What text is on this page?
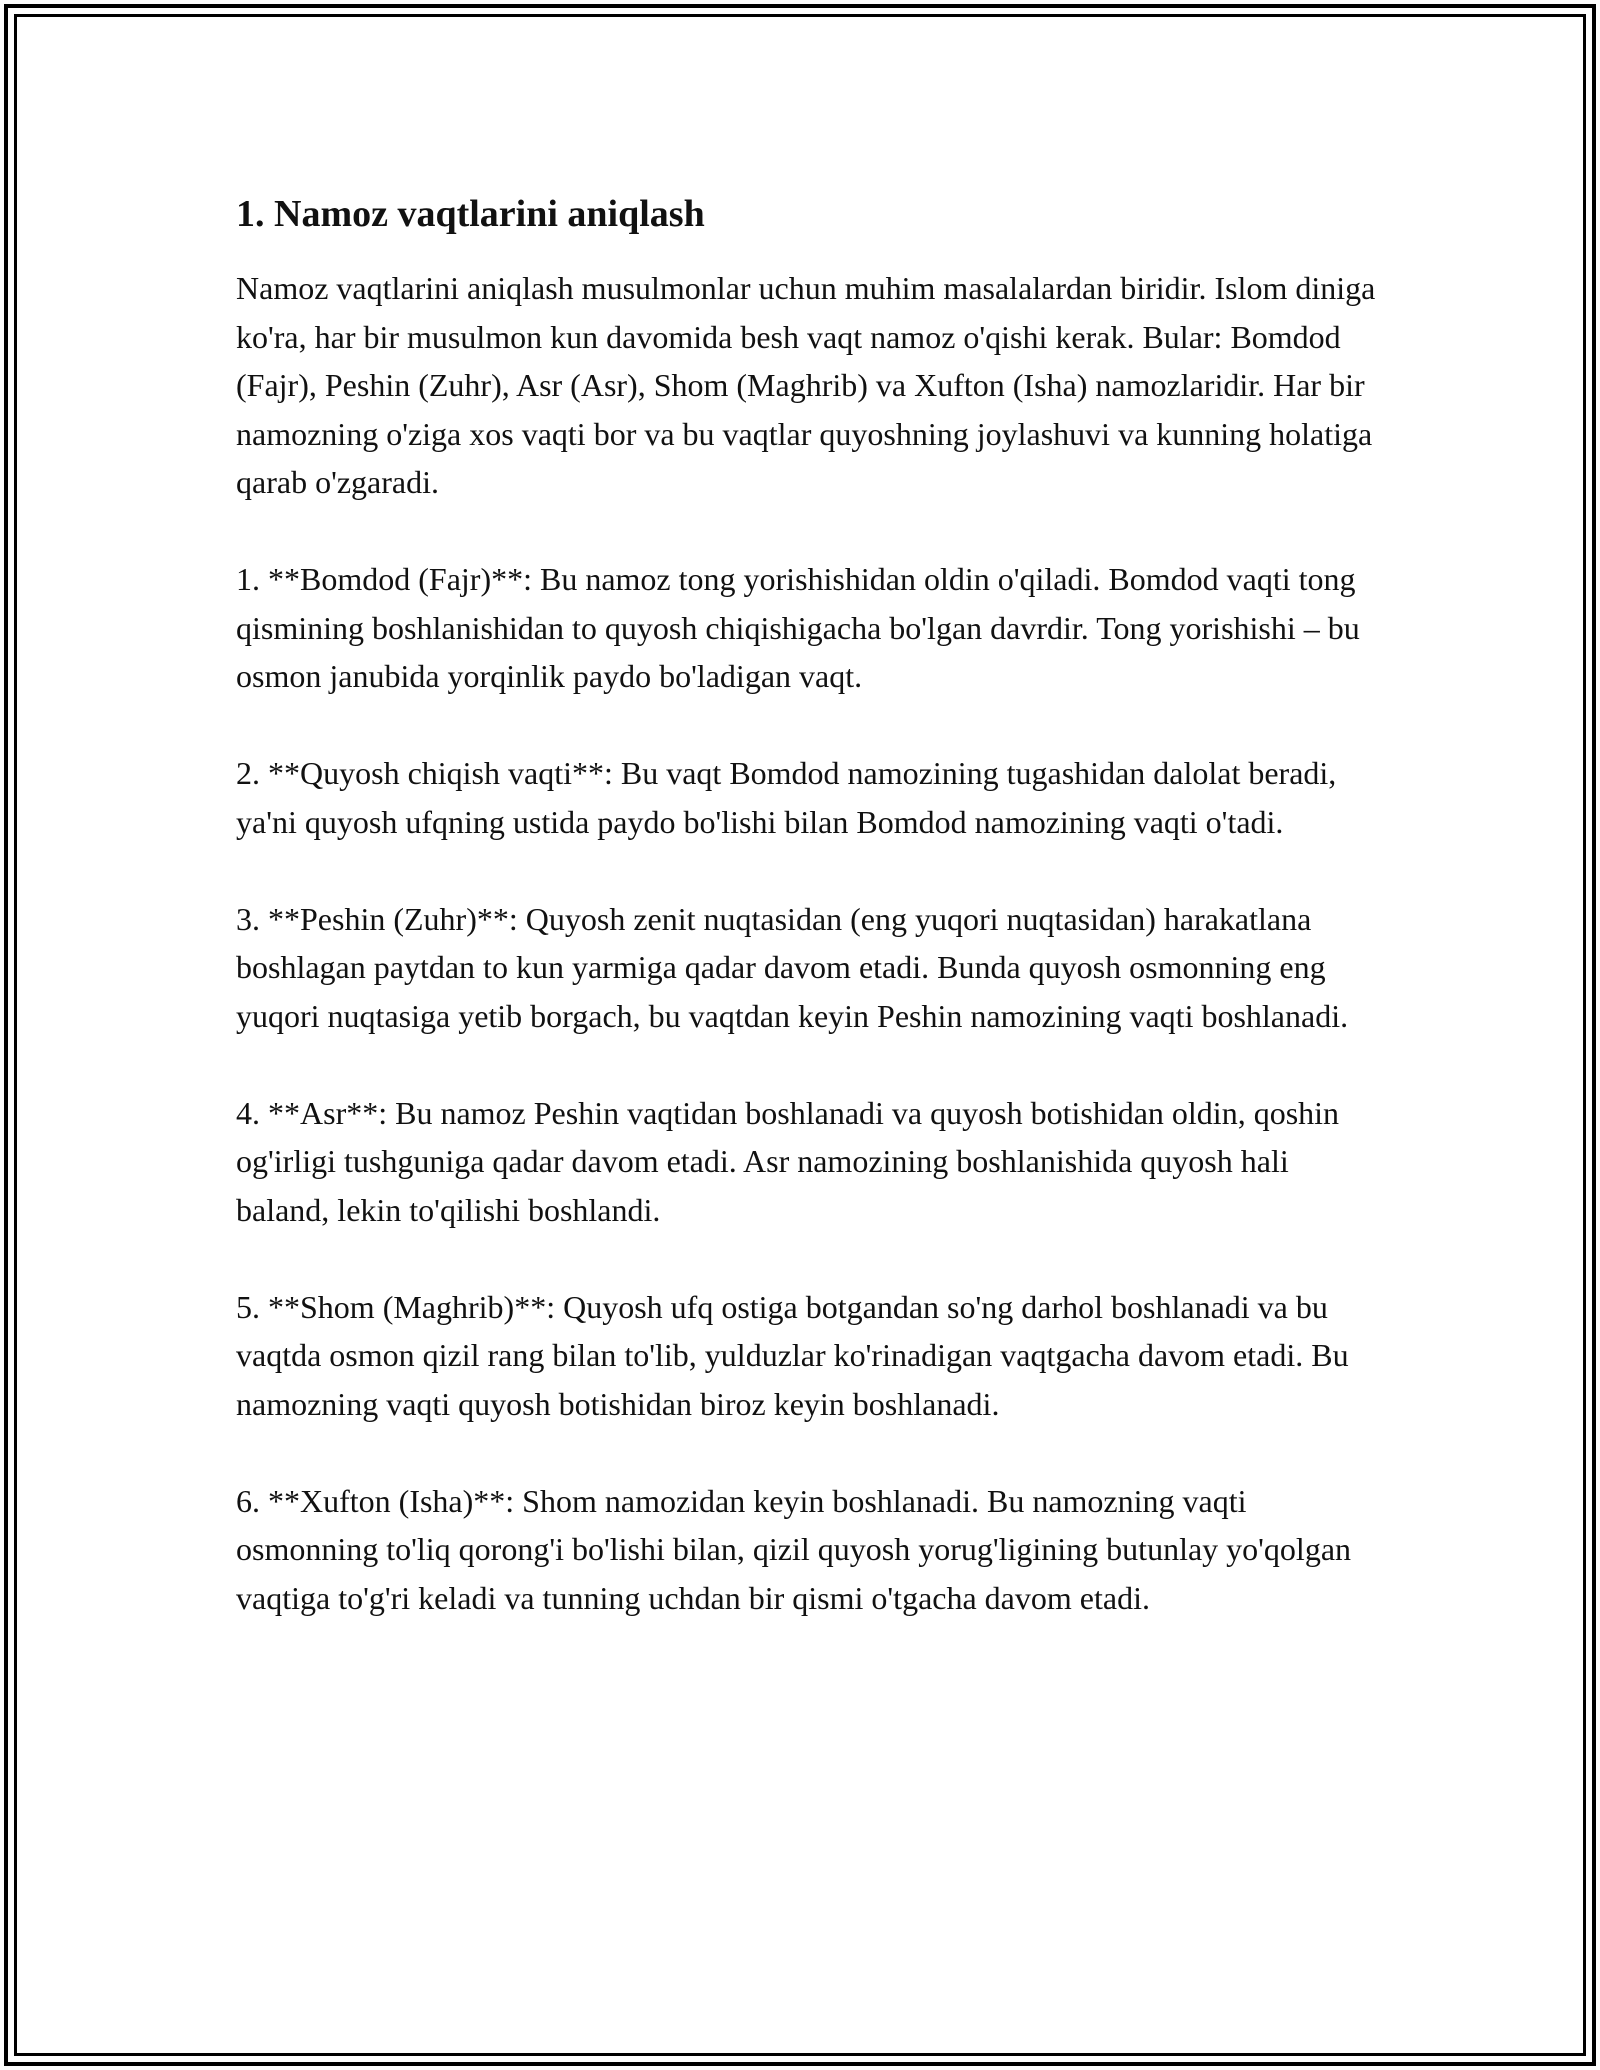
1. Namoz vaqtlarini aniqlash

Namoz vaqtlarini aniqlash musulmonlar uchun muhim masalalardan biridir. Islom diniga ko'ra, har bir musulmon kun davomida besh vaqt namoz o'qishi kerak. Bular: Bomdod (Fajr), Peshin (Zuhr), Asr (Asr), Shom (Maghrib) va Xufton (Isha) namozlaridir. Har bir namozning o'ziga xos vaqti bor va bu vaqtlar quyoshning joylashuvi va kunning holatiga qarab o'zgaradi.

1. **Bomdod (Fajr)**: Bu namoz tong yorishishidan oldin o'qiladi. Bomdod vaqti tong qismining boshlanishidan to quyosh chiqishigacha bo'lgan davrdir. Tong yorishishi – bu osmon janubida yorqinlik paydo bo'ladigan vaqt.

2. **Quyosh chiqish vaqti**: Bu vaqt Bomdod namozining tugashidan dalolat beradi, ya'ni quyosh ufqning ustida paydo bo'lishi bilan Bomdod namozining vaqti o'tadi.

3. **Peshin (Zuhr)**: Quyosh zenit nuqtasidan (eng yuqori nuqtasidan) harakatlana boshlagan paytdan to kun yarmiga qadar davom etadi. Bunda quyosh osmonning eng yuqori nuqtasiga yetib borgach, bu vaqtdan keyin Peshin namozining vaqti boshlanadi.

4. **Asr**: Bu namoz Peshin vaqtidan boshlanadi va quyosh botishidan oldin, qoshin og'irligi tushguniga qadar davom etadi. Asr namozining boshlanishida quyosh hali baland, lekin to'qilishi boshlandi.

5. **Shom (Maghrib)**: Quyosh ufq ostiga botgandan so'ng darhol boshlanadi va bu vaqtda osmon qizil rang bilan to'lib, yulduzlar ko'rinadigan vaqtgacha davom etadi. Bu namozning vaqti quyosh botishidan biroz keyin boshlanadi.

6. **Xufton (Isha)**: Shom namozidan keyin boshlanadi. Bu namozning vaqti osmonning to'liq qorong'i bo'lishi bilan, qizil quyosh yorug'ligining butunlay yo'qolgan vaqtiga to'g'ri keladi va tunning uchdan bir qismi o'tgacha davom etadi.
